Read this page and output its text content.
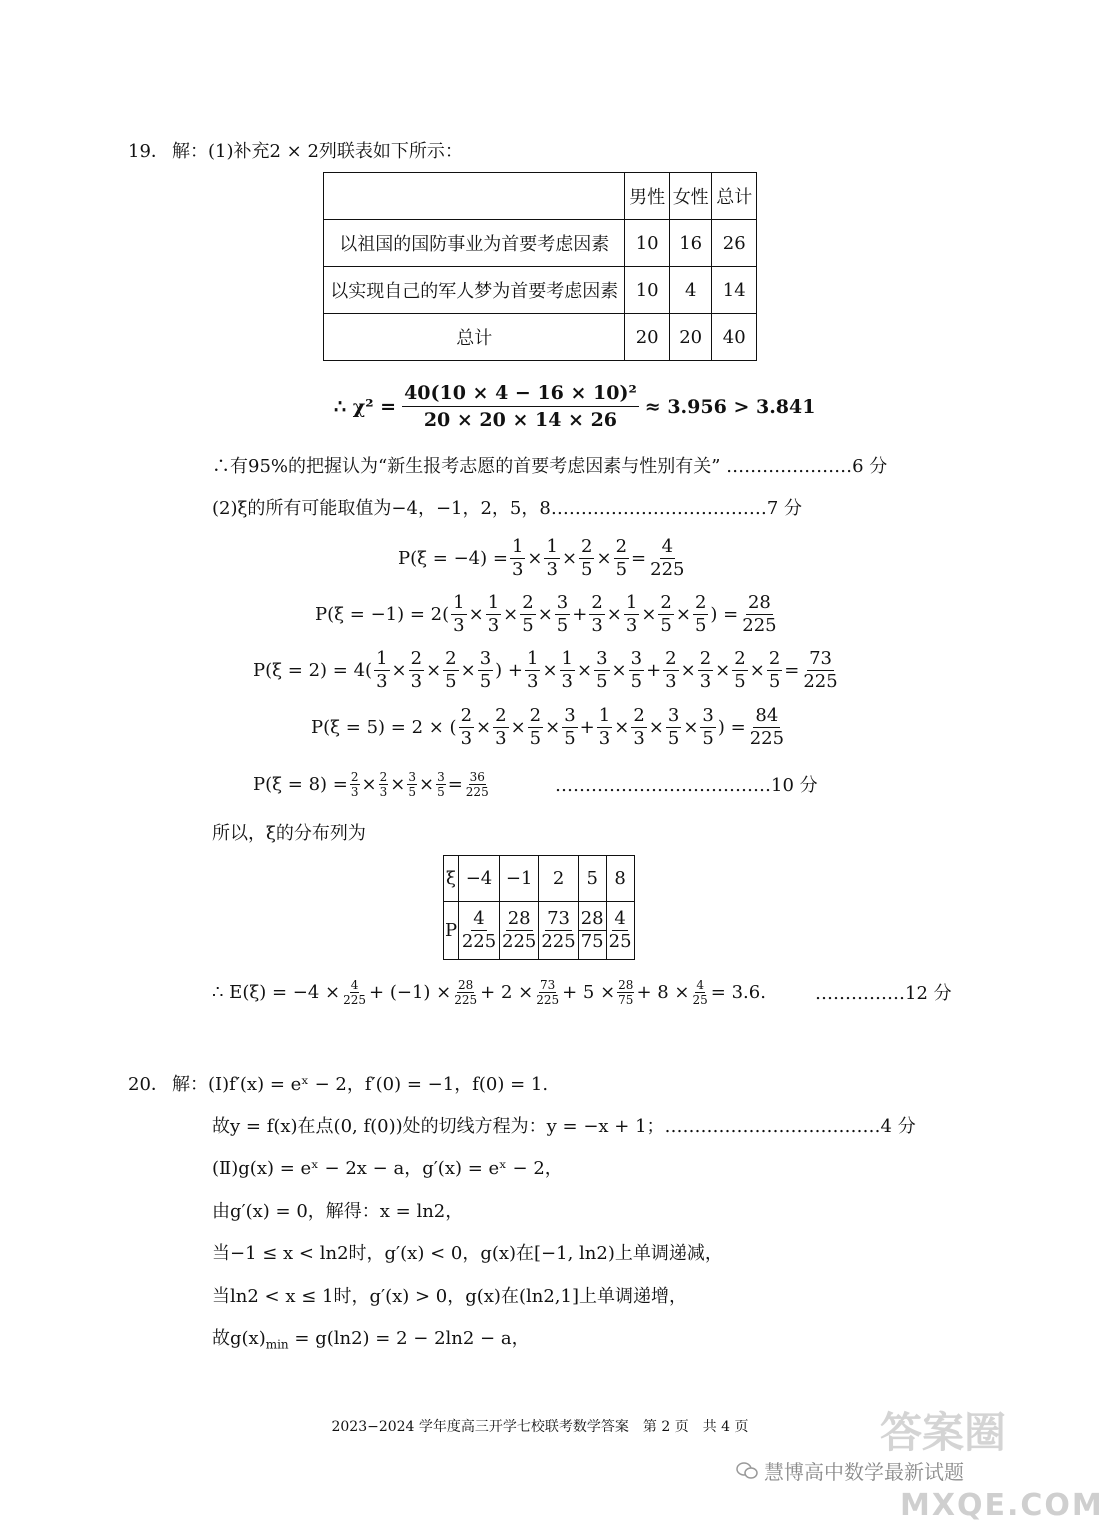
19． 解：(1)补充2 × 2列联表如下所示：
	男性	女性	总计
以祖国的国防事业为首要考虑因素	10	16	26
以实现自己的军人梦为首要考虑因素	10	4	14
总计	20	20	40
∴ $\chi^2 = \frac{\text{40(10 × 4 − 16 × 10)²}}{20 \times 20 \times 14 \times 26} \approx 3.956 > 3.841$
∴有95%的把握认为“新生报考志愿的首要考虑因素与性别有关” …………………6 分
(2)ξ的所有可能取值为−4，−1，2，5，8………………………………7 分
$P(\xi = -4) = \frac{1}{3} \times \frac{1}{3} \times \frac{2}{5} \times \frac{2}{5} = \frac{4}{225}$
$P(\xi = -1) = 2( \frac{1}{3} \times \frac{1}{3} \times \frac{2}{5} \times \frac{3}{5} + \frac{2}{3} \times \frac{1}{3} \times \frac{2}{5} \times \frac{2}{5}$ ) = $\frac{28}{225}$
$P(\xi = 2) = 4( \frac{1}{3} \times \frac{2}{3} \times \frac{2}{5} \times \frac{3}{5}$ ) + $\frac{1}{3} \times \frac{1}{3} \times \frac{3}{5} \times \frac{3}{5} + \frac{2}{3} \times \frac{2}{3} \times \frac{2}{5} \times \frac{2}{5} = \frac{73}{225}$
P(ξ = 5) = 2 × ( $\frac{2}{3} \times \frac{2}{3} \times \frac{2}{5} \times \frac{3}{5} + \frac{1}{3} \times \frac{2}{3} \times \frac{3}{5} \times \frac{3}{5}$ ) = $\frac{84}{225}$
$P(\xi = 8) = \frac{2}{3} \times 2$
3 × 3
5 × 3
5 = 36
225	………………………………10 分
所以，ξ的分布列为
ξ	−4	−1	2	5	8
P	$\frac{4}{225}$	$\frac{28}{225}$	$\frac{73}{225}$	$\frac{28}{75}$	$\frac{4}{25}$
∴ $E(\xi) = -4 \times \frac{4}{225} + (-1) \times 28$
225 + 2 × 73
225 + 5 × 28
$75 + 8 \times \frac{4}{25} = 3.6$.	……………12 分
20． 解：(Ⅰ)f′(x) = eˣ − 2，f′(0) = −1，f(0) = 1.
故y = f(x)在点(0, f(0))处的切线方程为：y = −x + 1；………………………………4 分
(Ⅱ)g(x) = eˣ − 2x − a，g′(x) = eˣ − 2，
由g′(x) = 0，解得：x = ln2，
当−1 ≤ x < ln2时，g′(x) < 0，g(x)在[−1, ln2)上单调递减，
当ln2 < x ≤ 1时，g′(x) > 0，g(x)在(ln2,1]上单调递增，
故$g(x)_{min} = g(\ln 2) = 2 - 2\ln 2 - a$，
2023−2024 学年度高三开学七校联考数学答案　第 2 页　共 4 页
慧博高中数学最新试题
答案圈
MXQE.COM
